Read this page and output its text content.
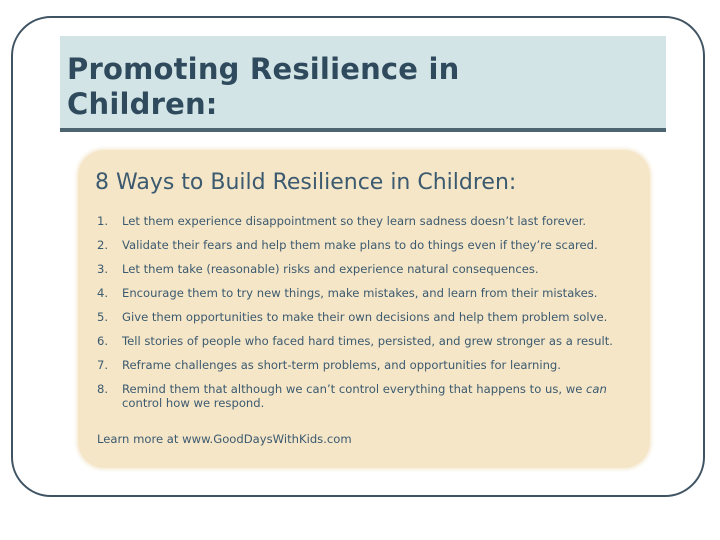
Promoting Resilience in
Children:
8 Ways to Build Resilience in Children:
1.	Let them experience disappointment so they learn sadness doesn’t last forever.
2.	Validate their fears and help them make plans to do things even if they’re scared.
3.	Let them take (reasonable) risks and experience natural consequences.
4.	Encourage them to try new things, make mistakes, and learn from their mistakes.
5.	Give them opportunities to make their own decisions and help them problem solve.
6.	Tell stories of people who faced hard times, persisted, and grew stronger as a result.
7.	Reframe challenges as short-term problems, and opportunities for learning.
8.	Remind them that although we can’t control everything that happens to us, we can control how we respond.

Learn more at www.GoodDaysWithKids.com
